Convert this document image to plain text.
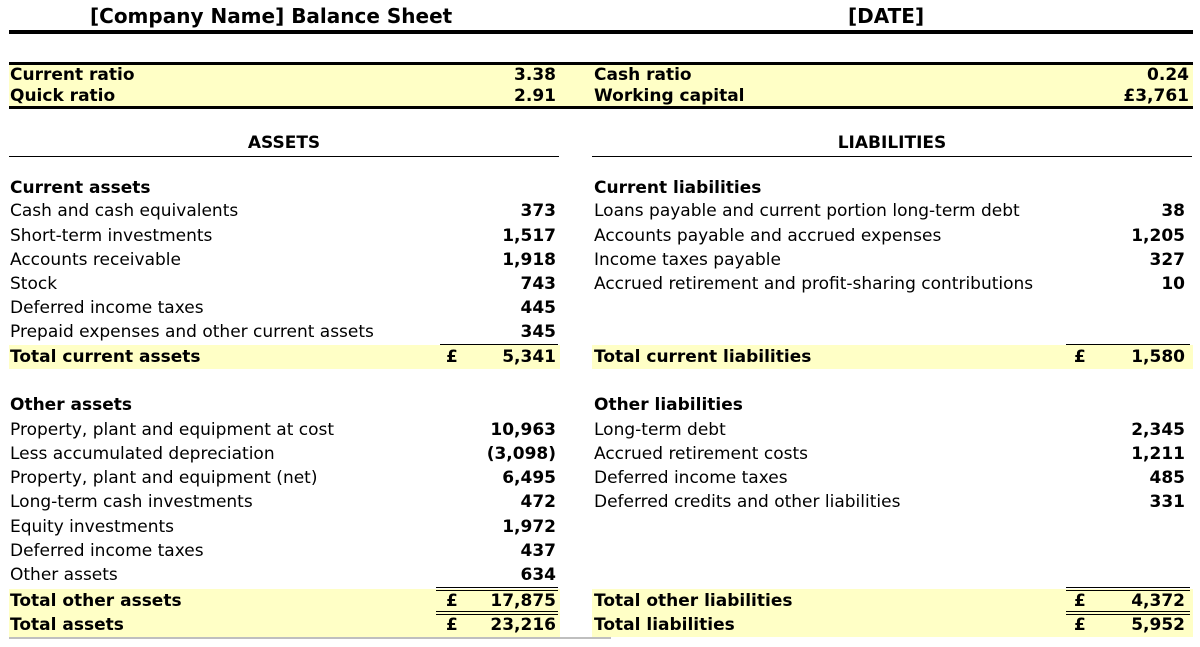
[Company Name] Balance Sheet	[DATE]
Current ratio	3.38
Quick ratio	2.91
Cash ratio	0.24
Working capital	£3,761
ASSETS	LIABILITIES
Current assets
Cash and cash equivalents	373
Short-term investments	1,517
Accounts receivable	1,918
Stock	743
Deferred income taxes	445
Prepaid expenses and other current assets	345
Total current assets	£	5,341
Other assets
Property, plant and equipment at cost	10,963
Less accumulated depreciation	(3,098)
Property, plant and equipment (net)	6,495
Long-term cash investments	472
Equity investments	1,972
Deferred income taxes	437
Other assets	634
Total other assets	£ 17,875
Total assets	£ 23,216
Current liabilities
Loans payable and current portion long-term debt	38
Accounts payable and accrued expenses	1,205
Income taxes payable	327
Accrued retirement and profit-sharing contributions	10
Total current liabilities	£	1,580
Other liabilities
Long-term debt	2,345
Accrued retirement costs	1,211
Deferred income taxes	485
Deferred credits and other liabilities	331
Total other liabilities	£	4,372
Total liabilities	£	5,952
